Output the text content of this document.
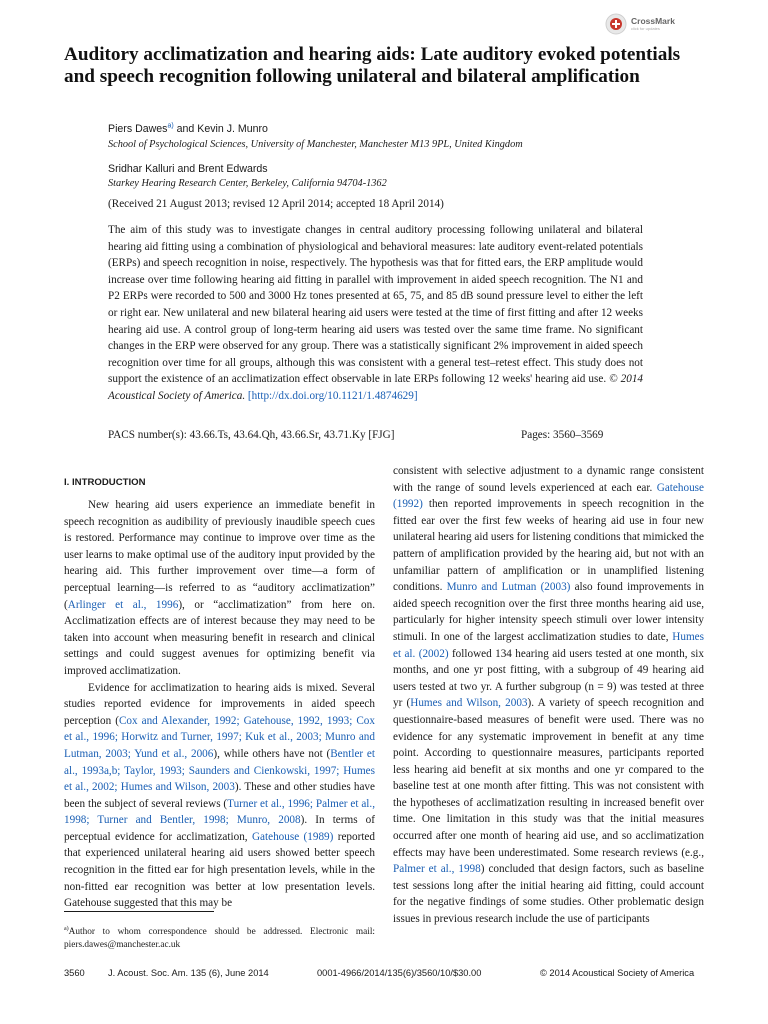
CrossMark
click for updates
Auditory acclimatization and hearing aids: Late auditory evoked potentials and speech recognition following unilateral and bilateral amplification
Piers Dawes$^{a)}$ and Kevin J. Munro
School of Psychological Sciences, University of Manchester, Manchester M13 9PL, United Kingdom
Sridhar Kalluri and Brent Edwards
Starkey Hearing Research Center, Berkeley, California 94704-1362
(Received 21 August 2013; revised 12 April 2014; accepted 18 April 2014)
The aim of this study was to investigate changes in central auditory processing following unilateral and bilateral hearing aid fitting using a combination of physiological and behavioral measures: late auditory event-related potentials (ERPs) and speech recognition in noise, respectively. The hypothesis was that for fitted ears, the ERP amplitude would increase over time following hearing aid fitting in parallel with improvement in aided speech recognition. The N1 and P2 ERPs were recorded to 500 and 3000 Hz tones presented at 65, 75, and 85 dB sound pressure level to either the left or right ear. New unilateral and new bilateral hearing aid users were tested at the time of first fitting and after 12 weeks hearing aid use. A control group of long-term hearing aid users was tested over the same time frame. No significant changes in the ERP were observed for any group. There was a statistically significant 2% improvement in aided speech recognition over time for all groups, although this was consistent with a general test–retest effect. This study does not support the existence of an acclimatization effect observable in late ERPs following 12 weeks' hearing aid use. © 2014 Acoustical Society of America. [http://dx.doi.org/10.1121/1.4874629]
PACS number(s): 43.66.Ts, 43.64.Qh, 43.66.Sr, 43.71.Ky [FJG]	Pages: 3560–3569
I. INTRODUCTION

New hearing aid users experience an immediate benefit in speech recognition as audibility of previously inaudible speech cues is restored. Performance may continue to improve over time as the user learns to make optimal use of the auditory input provided by the hearing aid. This further improvement over time—a form of perceptual learning—is referred to as “auditory acclimatization” (Arlinger et al., 1996), or “acclimatization” from here on. Acclimatization effects are of interest because they may need to be taken into account when measuring benefit in research and clinical settings and could suggest avenues for optimizing benefit via improved acclimatization.

Evidence for acclimatization to hearing aids is mixed. Several studies reported evidence for improvements in aided speech perception (Cox and Alexander, 1992; Gatehouse, 1992, 1993; Cox et al., 1996; Horwitz and Turner, 1997; Kuk et al., 2003; Munro and Lutman, 2003; Yund et al., 2006), while others have not (Bentler et al., 1993a,b; Taylor, 1993; Saunders and Cienkowski, 1997; Humes et al., 2002; Humes and Wilson, 2003). These and other studies have been the subject of several reviews (Turner et al., 1996; Palmer et al., 1998; Turner and Bentler, 1998; Munro, 2008). In terms of perceptual evidence for acclimatization, Gatehouse (1989) reported that experienced unilateral hearing aid users showed better speech recognition in the fitted ear for high presentation levels, while in the non-fitted ear recognition was better at low presentation levels. Gatehouse suggested that this may be

consistent with selective adjustment to a dynamic range consistent with the range of sound levels experienced at each ear. Gatehouse (1992) then reported improvements in speech recognition in the fitted ear over the first few weeks of hearing aid use in four new unilateral hearing aid users for listening conditions that mimicked the pattern of amplification provided by the hearing aid, but not with an unfamiliar pattern of amplification or in unamplified listening conditions. Munro and Lutman (2003) also found improvements in aided speech recognition over the first three months hearing aid use, particularly for higher intensity speech stimuli over lower intensity stimuli. In one of the largest acclimatization studies to date, Humes et al. (2002) followed 134 hearing aid users tested at one month, six months, and one yr post fitting, with a subgroup of 49 hearing aid users tested at two yr. A further subgroup (n = 9) was tested at three yr (Humes and Wilson, 2003). A variety of speech recognition and questionnaire-based measures of benefit were used. There was no evidence for any systematic improvement in benefit at any time point. According to questionnaire measures, participants reported less hearing aid benefit at six months and one yr compared to the baseline test at one month after fitting. This was not consistent with the hypotheses of acclimatization resulting in increased benefit over time. One limitation in this study was that the initial measures occurred after one month of hearing aid use, and so acclimatization effects may have been underestimated. Some research reviews (e.g., Palmer et al., 1998) concluded that design factors, such as baseline test sessions long after the initial hearing aid fitting, could account for the negative findings of some studies. Other problematic design issues in previous research include the use of participants

$^{a)}$Author to whom correspondence should be addressed. Electronic mail: piers.dawes@manchester.ac.uk
3560	J. Acoust. Soc. Am. 135 (6), June 2014	0001-4966/2014/135(6)/3560/10/$30.00	© 2014 Acoustical Society of America
